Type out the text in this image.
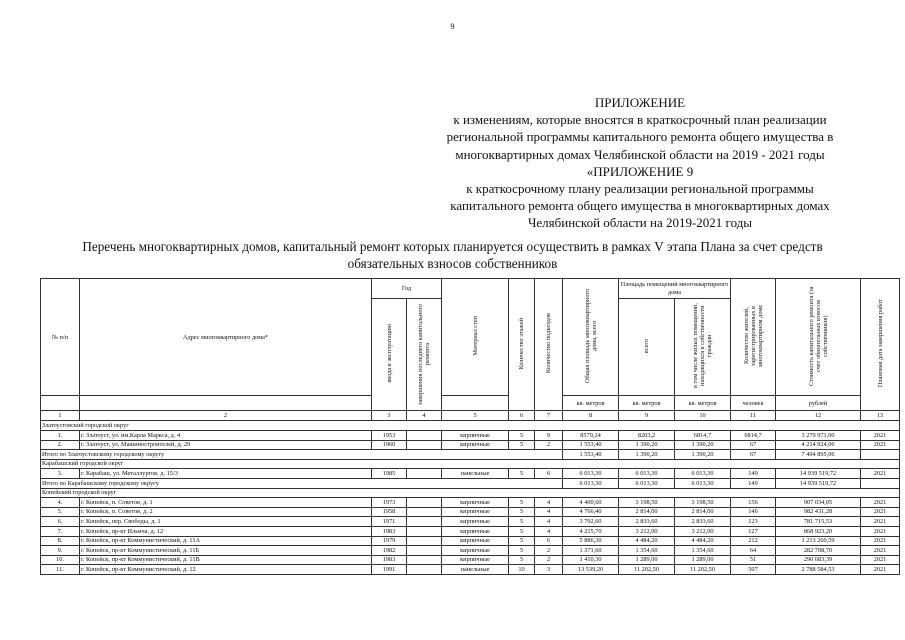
9
ПРИЛОЖЕНИЕ
к изменениям, которые вносятся в краткосрочный план реализации
региональной программы капитального ремонта общего имущества в
многоквартирных домах Челябинской области на 2019 - 2021 годы
«ПРИЛОЖЕНИЕ 9
к краткосрочному плану реализации региональной программы
капитального ремонта общего имущества в многоквартирных домах
Челябинской области на 2019-2021 годы
Перечень многоквартирных домов, капитальный ремонт которых планируется осуществить в рамках V этапа Плана за счет средств
обязательных взносов собственников
№ п/п	Адрес многоквартирного дома*	Год		Материал стен	Количество этажей	Количество подъездов	Общая площадь многоквартирного дома, всего	Площадь помещений многоквартирного дома		Количество жителей, зарегистрированных в многоквартирном доме	Стоимость капитального ремонта (за счет обязательных взносов собственников)	Плановая дата завершения работ
		ввода в эксплуатацию	завершения последнего капитального ремонта					всего	в том числе жилых помещений, находящихся в собственности граждан			
							кв. метров	кв. метров	кв. метров	человек	рублей	
1	2	3	4	5	6	7	8	9	10	11	12	13
Златоустовский городской округ												
1.	г. Златоуст, ул. им.Карла Маркса, д. 4	1953		кирпичные	5	9	8579,24	8203,2	6814,7	6814,7	3 279 971,00	2021
2.	г. Златоуст, ул. Машиностроителей, д. 29	1960		кирпичные	5	2	1 553,40	1 390,20	1 390,20	67	4 214 924,06	2021
Итого по Златоустовскому городскому округу							1 553,40	1 390,20	1 390,20	67	7 494 895,06	
Карабашский городской округ												
3.	г. Карабаш, ул. Металлургов, д. 15/3	1985		панельные	5	6	6 013,30	6 013,30	6 013,30	149	14 939 519,72	2021
Итого по Карабашскому городскому округу							6 013,30	6 013,30	6 013,30	149	14 939 519,72	
Копейский городской округ												
4.	г. Копейск, п. Советов, д. 1	1973		кирпичные	5	4	4 400,60	3 198,50	3 198,50	156	907 034,05	2021
5.	г. Копейск, п. Советов, д. 2	1958		кирпичные	5	4	4 766,40	2 814,00	2 814,00	146	982 431,28	2021
6.	г. Копейск, пер. Свободы, д. 1	1971		кирпичные	5	4	3 792,60	2 833,60	2 833,60	123	781 715,53	2021
7.	г. Копейск, пр-кт Ильича, д. 12	1983		кирпичные	5	4	4 215,70	3 212,00	3 212,00	127	868 923,20	2021
8.	г. Копейск, пр-кт Коммунистический, д. 11А	1979		кирпичные	5	6	5 886,30	4 484,20	4 484,20	212	1 213 260,59	2021
9.	г. Копейск, пр-кт Коммунистический, д. 11Б	1982		кирпичные	5	2	1 371,60	1 354,60	1 354,60	64	282 708,70	2021
10.	г. Копейск, пр-кт Коммунистический, д. 11В	1983		кирпичные	5	2	1 410,30	1 289,00	1 289,00	51	290 683,39	2021
11.	г. Копейск, пр-кт Коммунистический, д. 12	1991		панельные	10	3	13 539,20	11 202,50	11 202,50	507	2 788 584,53	2021
